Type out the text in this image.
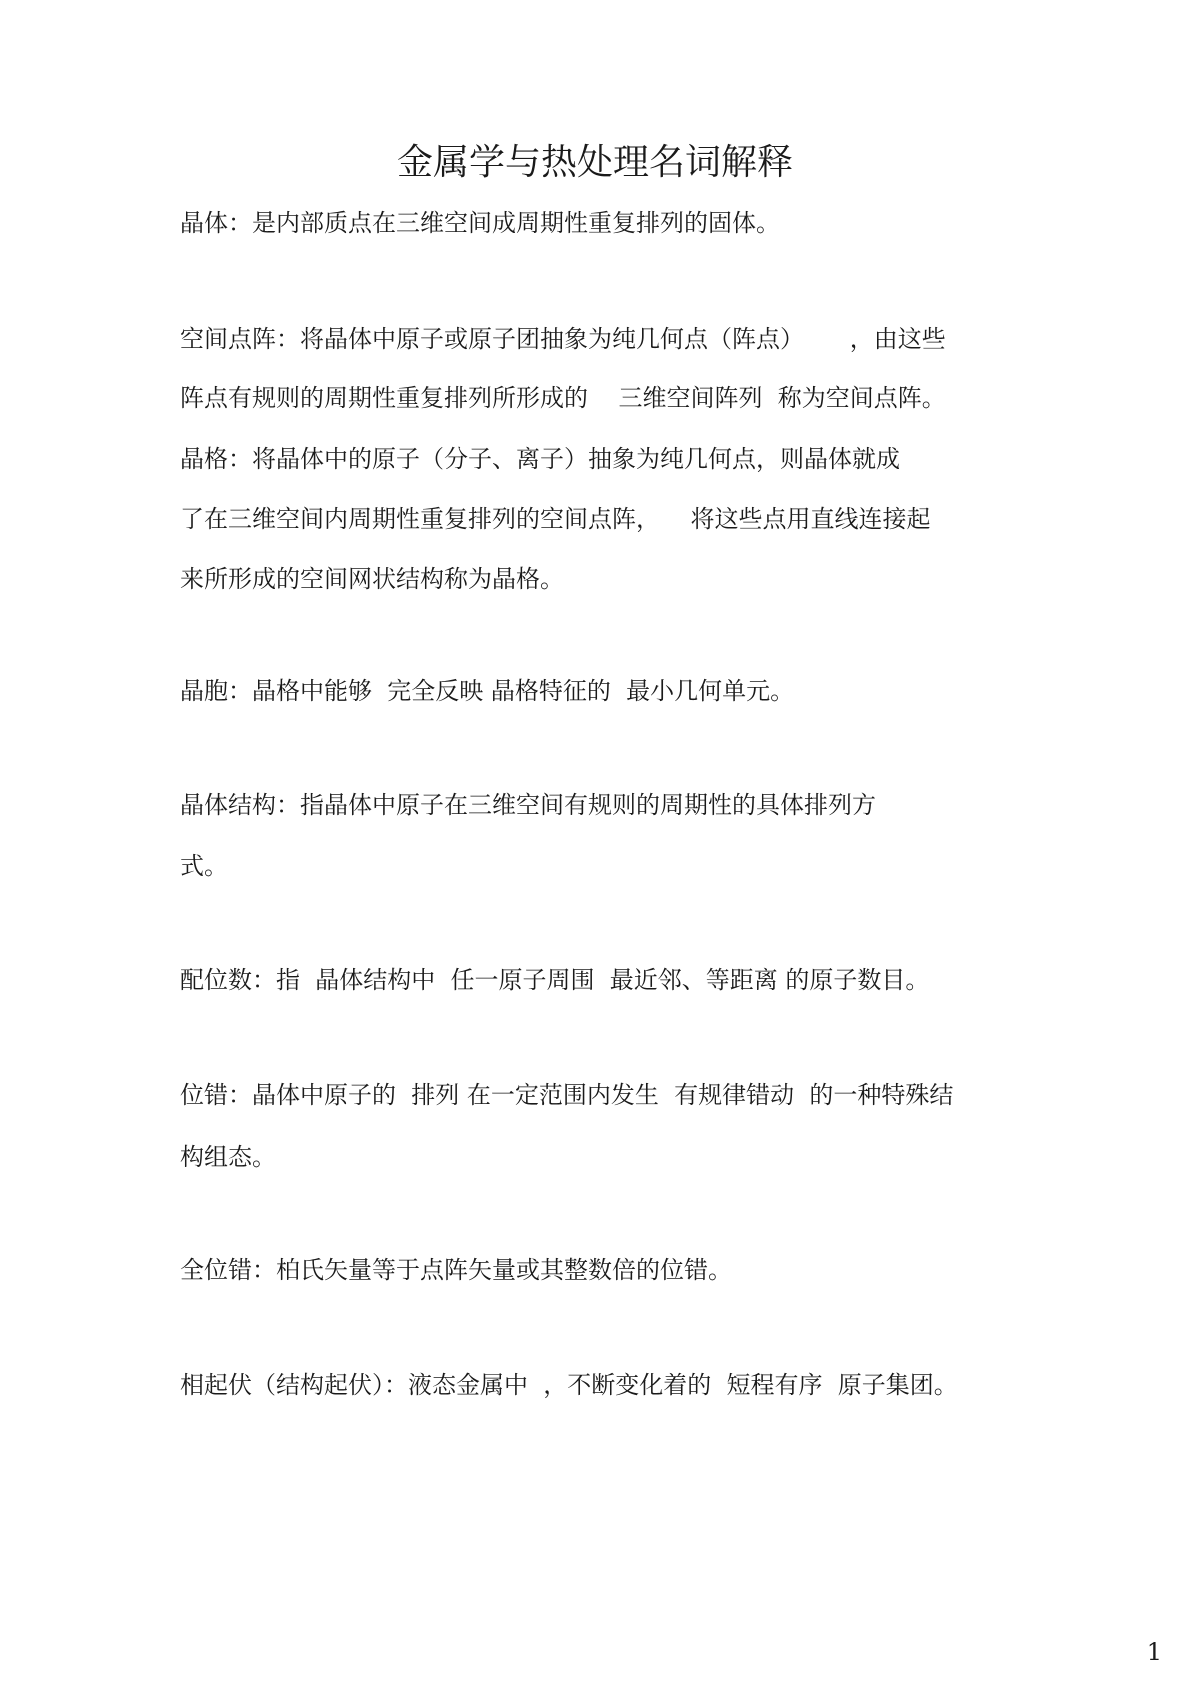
金属学与热处理名词解释
晶体：是内部质点在三维空间成周期性重复排列的固体。
空间点阵：将晶体中原子或原子团抽象为纯几何点（阵点）      ，由这些
阵点有规则的周期性重复排列所形成的    三维空间阵列  称为空间点阵。
晶格：将晶体中的原子（分子、离子）抽象为纯几何点，则晶体就成
了在三维空间内周期性重复排列的空间点阵，    将这些点用直线连接起
来所形成的空间网状结构称为晶格。
晶胞：晶格中能够  完全反映 晶格特征的  最小几何单元。
晶体结构：指晶体中原子在三维空间有规则的周期性的具体排列方
式。
配位数：指  晶体结构中  任一原子周围  最近邻、等距离 的原子数目。
位错：晶体中原子的  排列 在一定范围内发生  有规律错动  的一种特殊结
构组态。
全位错：柏氏矢量等于点阵矢量或其整数倍的位错。
相起伏（结构起伏）：液态金属中  ，不断变化着的  短程有序  原子集团。
1
